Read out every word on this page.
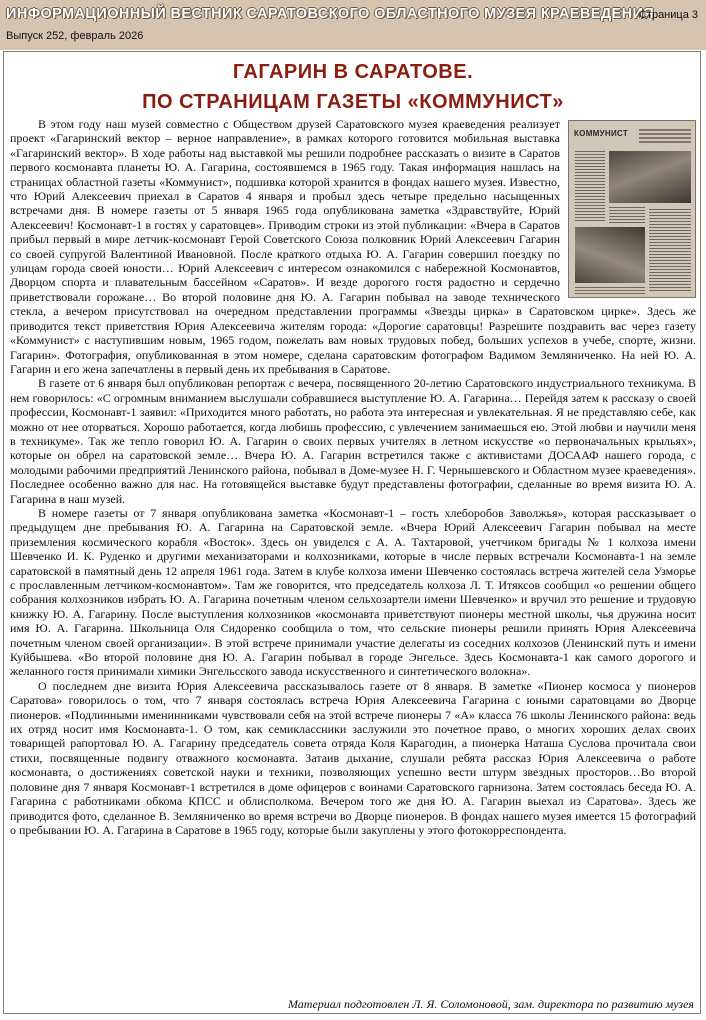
ИНФОРМАЦИОННЫЙ ВЕСТНИК САРАТОВСКОГО ОБЛАСТНОГО МУЗЕЯ КРАЕВЕДЕНИЯ
Выпуск 252, февраль 2026
Страница 3
ГАГАРИН В САРАТОВЕ.
ПО СТРАНИЦАМ ГАЗЕТЫ «КОММУНИСТ»
КОММУНИСТ

В этом году наш музей совместно с Обществом друзей Саратовского музея краеведения реализует проект «Гагаринский вектор – верное направление», в рамках которого готовится мобильная выставка «Гагаринский вектор». В ходе работы над выставкой мы решили подробнее рассказать о визите в Саратов первого космонавта планеты Ю. А. Гагарина, состоявшемся в 1965 году. Такая информация нашлась на страницах областной газеты «Коммунист», подшивка которой хранится в фондах нашего музея. Известно, что Юрий Алексеевич приехал в Саратов 4 января и пробыл здесь четыре предельно насыщенных встречами дня. В номере газеты от 5 января 1965 года опубликована заметка «Здравствуйте, Юрий Алексеевич! Космонавт-1 в гостях у саратовцев». Приводим строки из этой публикации: «Вчера в Саратов прибыл первый в мире летчик-космонавт Герой Советского Союза полковник Юрий Алексеевич Гагарин со своей супругой Валентиной Ивановной. После краткого отдыха Ю. А. Гагарин совершил поездку по улицам города своей юности… Юрий Алексеевич с интересом ознакомился с набережной Космонавтов, Дворцом спорта и плавательным бассейном «Саратов». И везде дорогого гостя радостно и сердечно приветствовали горожане… Во второй половине дня Ю. А. Гагарин побывал на заводе технического стекла, а вечером присутствовал на очередном представлении программы «Звезды цирка» в Саратовском цирке». Здесь же приводится текст приветствия Юрия Алексеевича жителям города: «Дорогие саратовцы! Разрешите поздравить вас через газету «Коммунист» с наступившим новым, 1965 годом, пожелать вам новых трудовых побед, больших успехов в учебе, спорте, жизни. Гагарин». Фотография, опубликованная в этом номере, сделана саратовским фотографом Вадимом Земляниченко. На ней Ю. А. Гагарин и его жена запечатлены в первый день их пребывания в Саратове.

В газете от 6 января был опубликован репортаж с вечера, посвященного 20-летию Саратовского индустриального техникума. В нем говорилось: «С огромным вниманием выслушали собравшиеся выступление Ю. А. Гагарина… Перейдя затем к рассказу о своей профессии, Космонавт-1 заявил: «Приходится много работать, но работа эта интересная и увлекательная. Я не представляю себе, как можно от нее оторваться. Хорошо работается, когда любишь профессию, с увлечением занимаешься ею. Этой любви и научили меня в техникуме». Так же тепло говорил Ю. А. Гагарин о своих первых учителях в летном искусстве «о первоначальных крыльях», которые он обрел на саратовской земле… Вчера Ю. А. Гагарин встретился также с активистами ДОСААФ нашего города, с молодыми рабочими предприятий Ленинского района, побывал в Доме-музее Н. Г. Чернышевского и Областном музее краеведения». Последнее особенно важно для нас. На готовящейся выставке будут представлены фотографии, сделанные во время визита Ю. А. Гагарина в наш музей.

В номере газеты от 7 января опубликована заметка «Космонавт-1 – гость хлеборобов Заволжья», которая рассказывает о предыдущем дне пребывания Ю. А. Гагарина на Саратовской земле. «Вчера Юрий Алексеевич Гагарин побывал на месте приземления космического корабля «Восток». Здесь он увиделся с А. А. Тахтаровой, учетчиком бригады № 1 колхоза имени Шевченко И. К. Руденко и другими механизаторами и колхозниками, которые в числе первых встречали Космонавта-1 на земле саратовской в памятный день 12 апреля 1961 года. Затем в клубе колхоза имени Шевченко состоялась встреча жителей села Узморье с прославленным летчиком-космонавтом». Там же говорится, что председатель колхоза Л. Т. Итяксов сообщил «о решении общего собрания колхозников избрать Ю. А. Гагарина почетным членом сельхозартели имени Шевченко» и вручил это решение и трудовую книжку Ю. А. Гагарину. После выступления колхозников «космонавта приветствуют пионеры местной школы, чья дружина носит имя Ю. А. Гагарина. Школьница Оля Сидоренко сообщила о том, что сельские пионеры решили принять Юрия Алексеевича почетным членом своей организации». В этой встрече принимали участие делегаты из соседних колхозов (Ленинский путь и имени Куйбышева. «Во второй половине дня Ю. А. Гагарин побывал в городе Энгельсе. Здесь Космонавта-1 как самого дорогого и желанного гостя принимали химики Энгельсского завода искусственного и синтетического волокна».

О последнем дне визита Юрия Алексеевича рассказывалось газете от 8 января. В заметке «Пионер космоса у пионеров Саратова» говорилось о том, что 7 января состоялась встреча Юрия Алексеевича Гагарина с юными саратовцами во Дворце пионеров. «Подлинными именинниками чувствовали себя на этой встрече пионеры 7 «А» класса 76 школы Ленинского района: ведь их отряд носит имя Космонавта-1. О том, как семиклассники заслужили это почетное право, о многих хороших делах своих товарищей рапортовал Ю. А. Гагарину председатель совета отряда Коля Карагодин, а пионерка Наташа Суслова прочитала свои стихи, посвященные подвигу отважного космонавта. Затаив дыхание, слушали ребята рассказ Юрия Алексеевича о работе космонавта, о достижениях советской науки и техники, позволяющих успешно вести штурм звездных просторов…Во второй половине дня 7 января Космонавт-1 встретился в доме офицеров с воинами Саратовского гарнизона. Затем состоялась беседа Ю. А. Гагарина с работниками обкома КПСС и облисполкома. Вечером того же дня Ю. А. Гагарин выехал из Саратова». Здесь же приводится фото, сделанное В. Земляниченко во время встречи во Дворце пионеров. В фондах нашего музея имеется 15 фотографий о пребывании Ю. А. Гагарина в Саратове в 1965 году, которые были закуплены у этого фотокорреспондента.

Материал подготовлен Л. Я. Соломоновой, зам. директора по развитию музея
